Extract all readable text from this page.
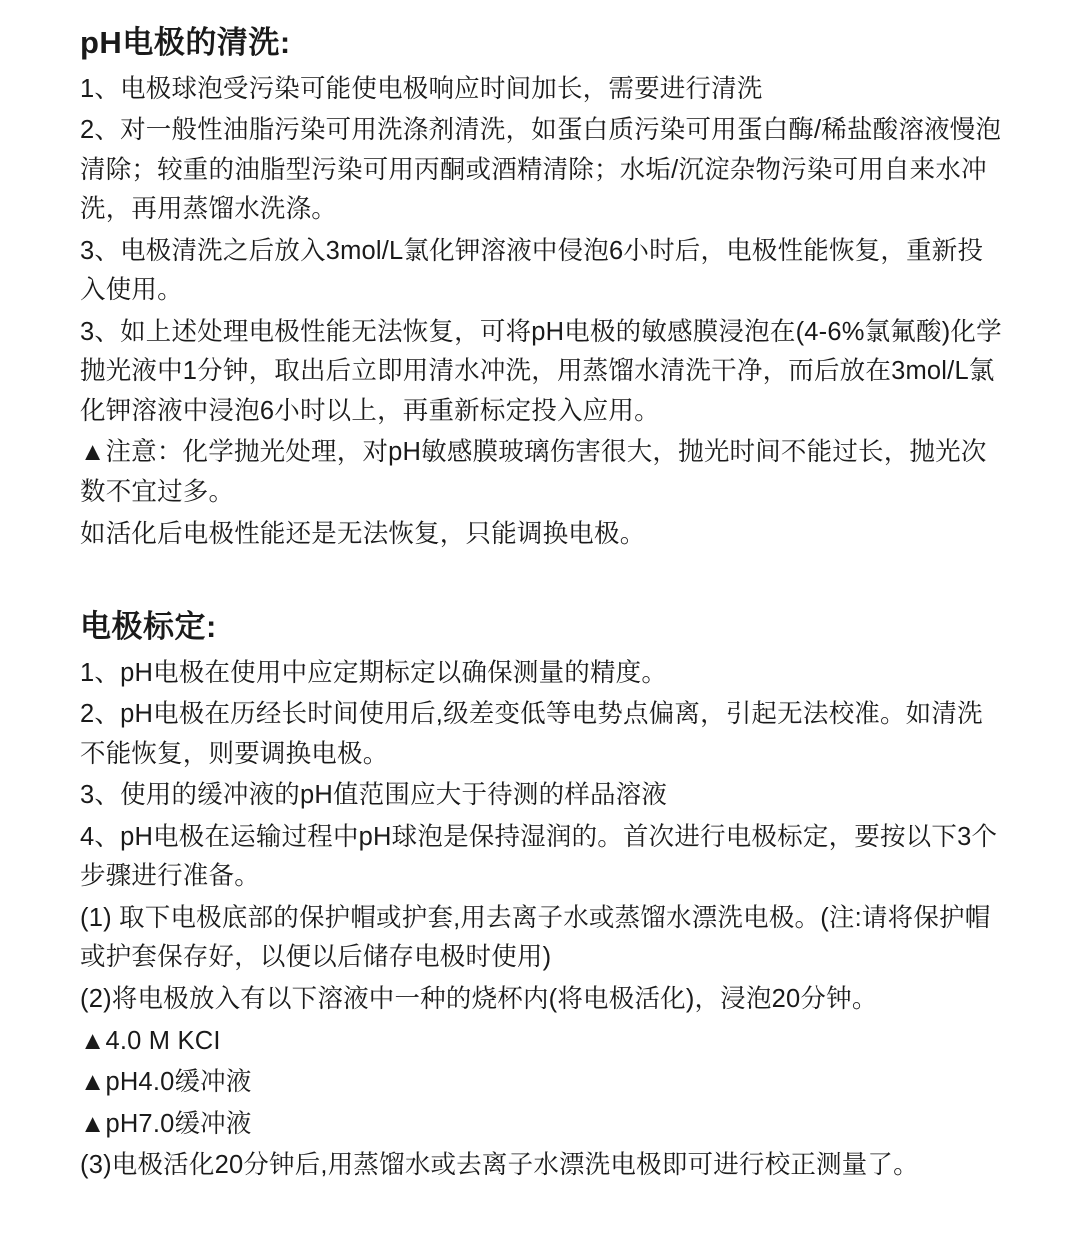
pH电极的清洗:

1、电极球泡受污染可能使电极响应时间加长，需要进行清洗

2、对一般性油脂污染可用洗涤剂清洗，如蛋白质污染可用蛋白酶/稀盐酸溶液慢泡清除；较重的油脂型污染可用丙酮或酒精清除；水垢/沉淀杂物污染可用自来水冲洗，再用蒸馏水洗涤。

3、电极清洗之后放入3mol/L氯化钾溶液中侵泡6小时后，电极性能恢复，重新投入使用。

3、如上述处理电极性能无法恢复，可将pH电极的敏感膜浸泡在(4-6%氯氟酸)化学抛光液中1分钟，取出后立即用清水冲洗，用蒸馏水清洗干净，而后放在3mol/L氯化钾溶液中浸泡6小时以上，再重新标定投入应用。

▲注意：化学抛光处理，对pH敏感膜玻璃伤害很大，抛光时间不能过长，抛光次数不宜过多。

如活化后电极性能还是无法恢复，只能调换电极。

电极标定:

1、pH电极在使用中应定期标定以确保测量的精度。

2、pH电极在历经长时间使用后,级差变低等电势点偏离，引起无法校准。如清洗不能恢复，则要调换电极。

3、使用的缓冲液的pH值范围应大于待测的样品溶液

4、pH电极在运输过程中pH球泡是保持湿润的。首次进行电极标定，要按以下3个步骤进行准备。

(1) 取下电极底部的保护帽或护套,用去离子水或蒸馏水漂洗电极。(注:请将保护帽或护套保存好，以便以后储存电极时使用)

(2)将电极放入有以下溶液中一种的烧杯内(将电极活化)，浸泡20分钟。

▲4.0 M KCI

▲pH4.0缓冲液

▲pH7.0缓冲液

(3)电极活化20分钟后,用蒸馏水或去离子水漂洗电极即可进行校正测量了。
